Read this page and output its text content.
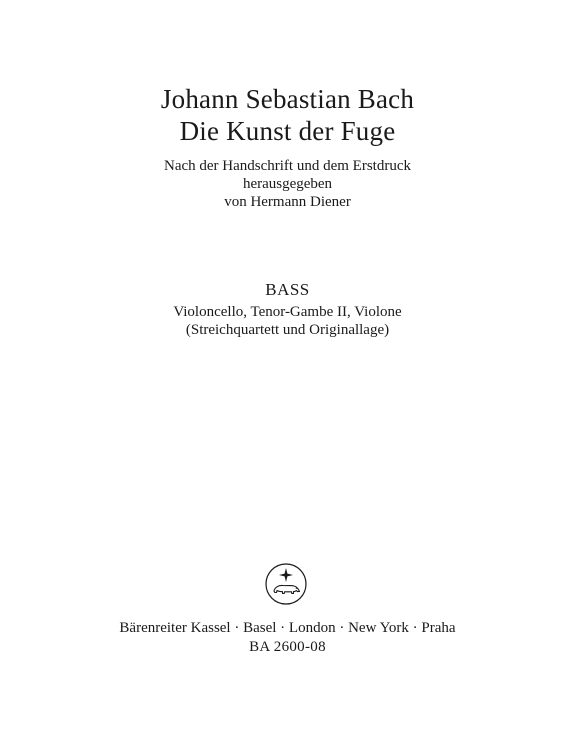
Johann Sebastian Bach
Die Kunst der Fuge
Nach der Handschrift und dem Erstdruck
herausgegeben
von Hermann Diener
BASS
Violoncello, Tenor-Gambe II, Violone
(Streichquartett und Originallage)
Bärenreiter Kassel · Basel · London · New York · Praha
BA 2600-08
